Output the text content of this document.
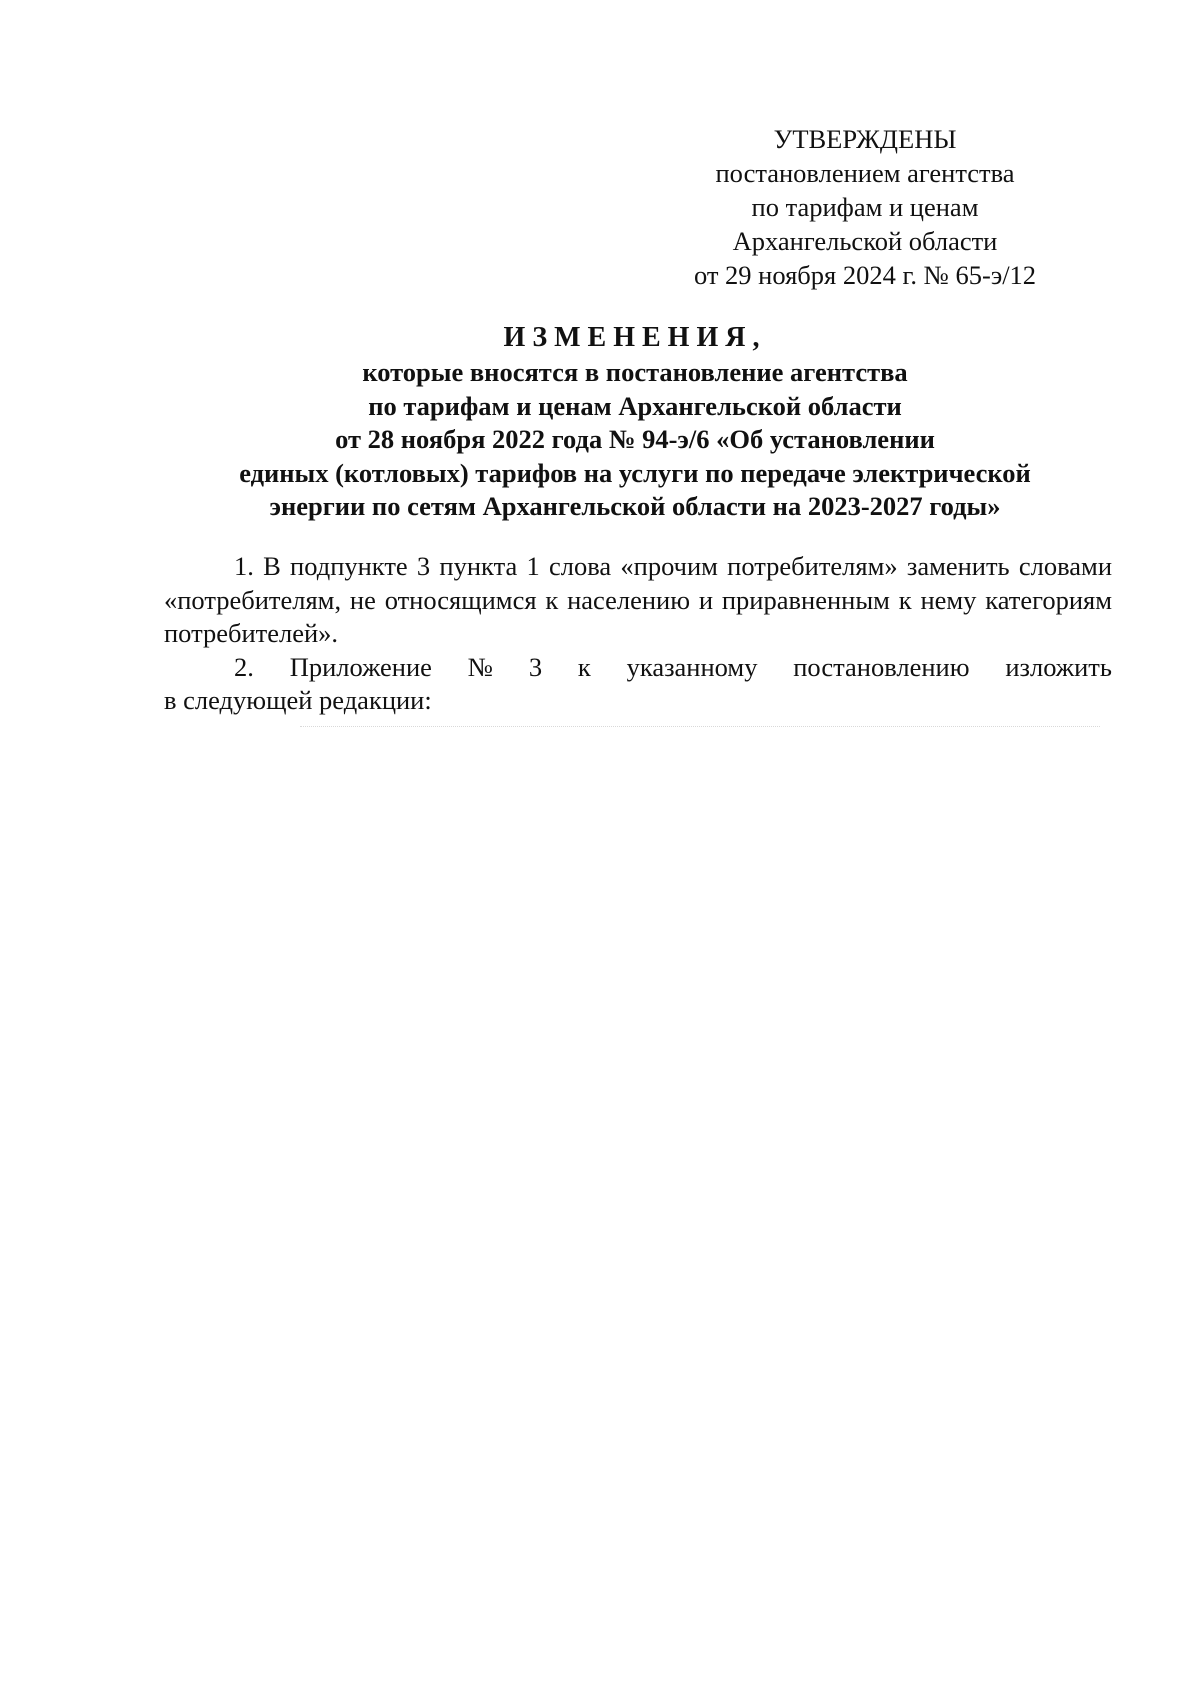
УТВЕРЖДЕНЫ
постановлением агентства
по тарифам и ценам
Архангельской области
от 29 ноября 2024 г. № 65-э/12
ИЗМЕНЕНИЯ,
которые вносятся в постановление агентства
по тарифам и ценам Архангельской области
от 28 ноября 2022 года № 94-э/6 «Об установлении
единых (котловых) тарифов на услуги по передаче электрической
энергии по сетям Архангельской области на 2023-2027 годы»

1. В подпункте 3 пункта 1 слова «прочим потребителям» заменить словами «потребителям, не относящимся к населению и приравненным к нему категориям потребителей».

2. Приложение № 3 к указанному постановлению изложить
в следующей редакции:
